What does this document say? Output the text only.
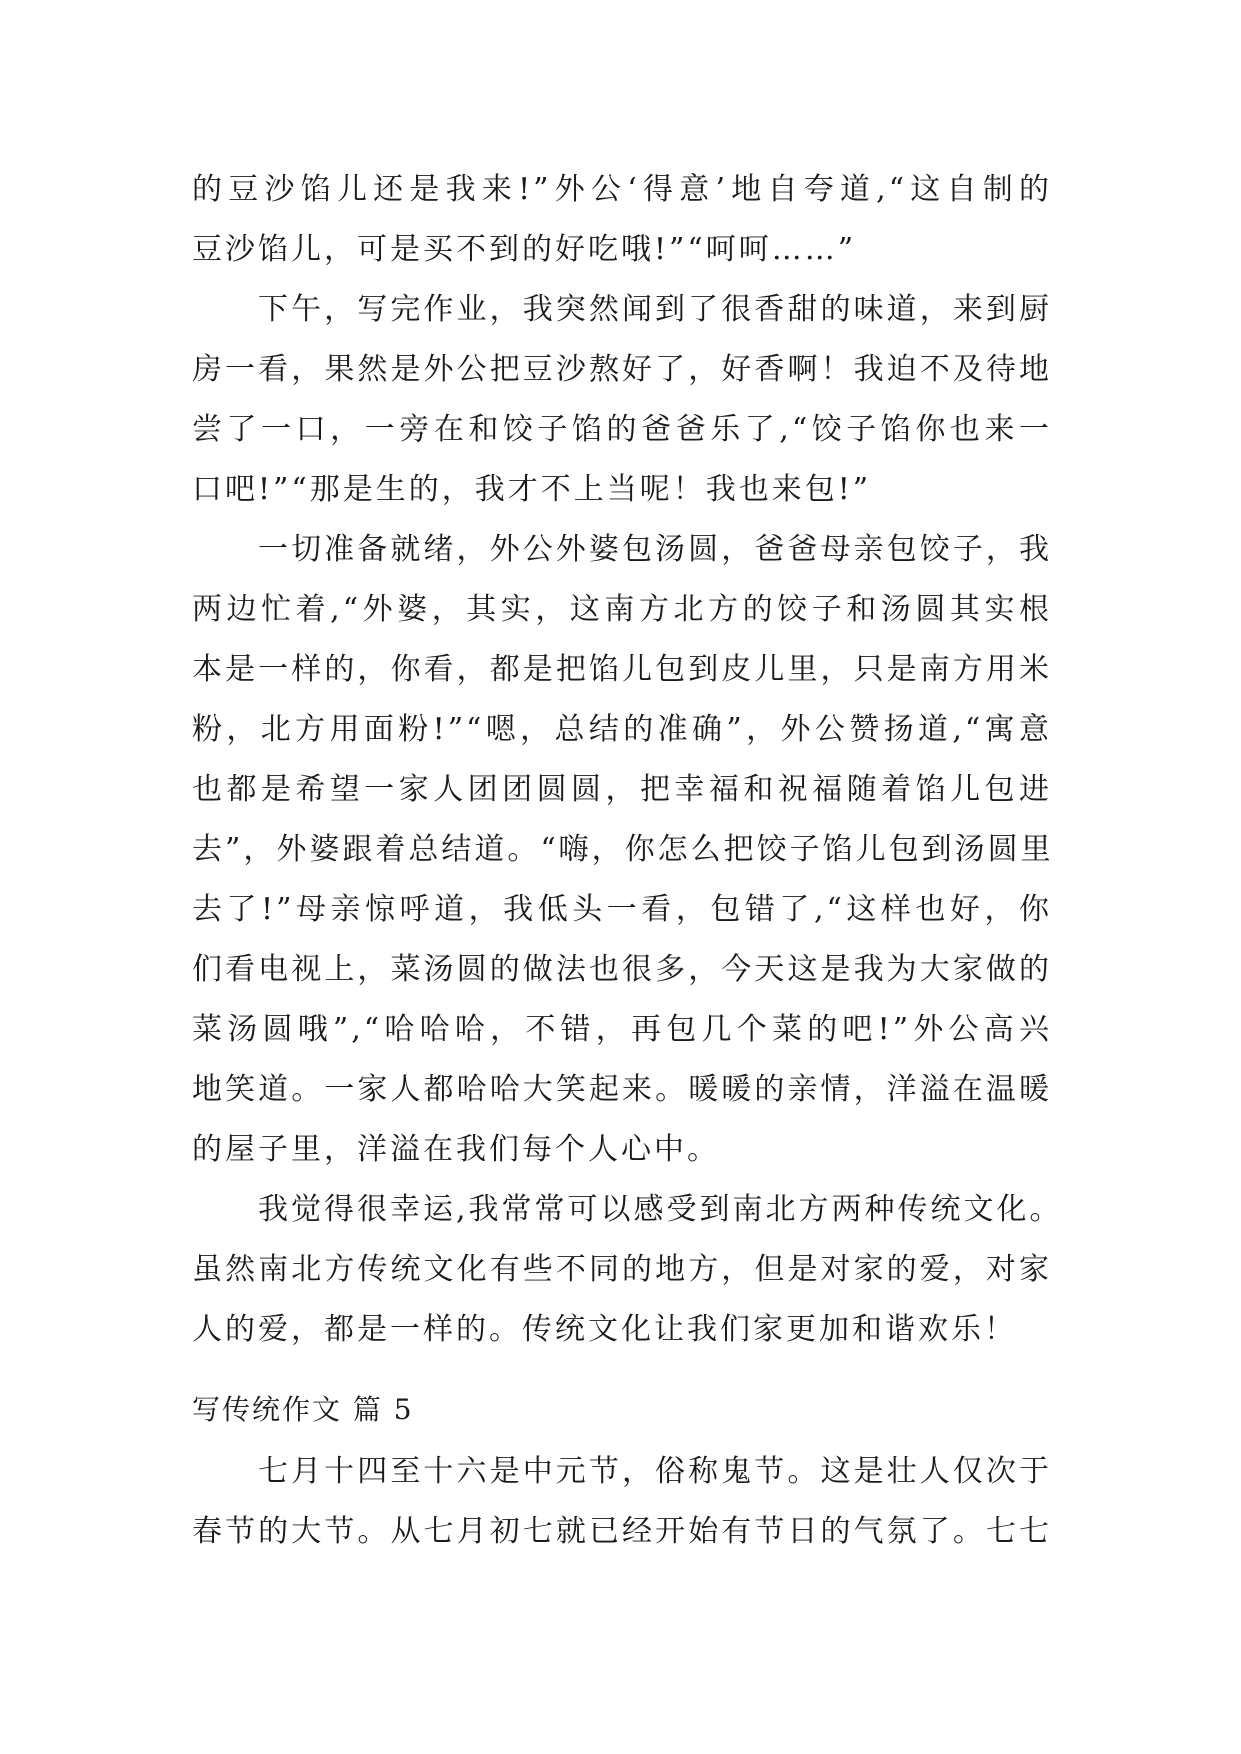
的豆沙馅儿还是我来!”外公‘得意’地自夸道,“这自制的

豆沙馅儿，可是买不到的好吃哦!”“呵呵……”

下午，写完作业，我突然闻到了很香甜的味道，来到厨

房一看，果然是外公把豆沙熬好了，好香啊！我迫不及待地

尝了一口，一旁在和饺子馅的爸爸乐了,“饺子馅你也来一

口吧!”“那是生的，我才不上当呢！我也来包!”

一切准备就绪，外公外婆包汤圆，爸爸母亲包饺子，我

两边忙着,“外婆，其实，这南方北方的饺子和汤圆其实根

本是一样的，你看，都是把馅儿包到皮儿里，只是南方用米

粉，北方用面粉!”“嗯，总结的准确”，外公赞扬道,“寓意

也都是希望一家人团团圆圆，把幸福和祝福随着馅儿包进

去”，外婆跟着总结道。“嗨，你怎么把饺子馅儿包到汤圆里

去了!”母亲惊呼道，我低头一看，包错了,“这样也好，你

们看电视上，菜汤圆的做法也很多，今天这是我为大家做的

菜汤圆哦”,“哈哈哈，不错，再包几个菜的吧!”外公高兴

地笑道。一家人都哈哈大笑起来。暖暖的亲情，洋溢在温暖

的屋子里，洋溢在我们每个人心中。

我觉得很幸运,我常常可以感受到南北方两种传统文化。

虽然南北方传统文化有些不同的地方，但是对家的爱，对家

人的爱，都是一样的。传统文化让我们家更加和谐欢乐！

写传统作文 篇 5

七月十四至十六是中元节，俗称鬼节。这是壮人仅次于

春节的大节。从七月初七就已经开始有节日的气氛了。七七
